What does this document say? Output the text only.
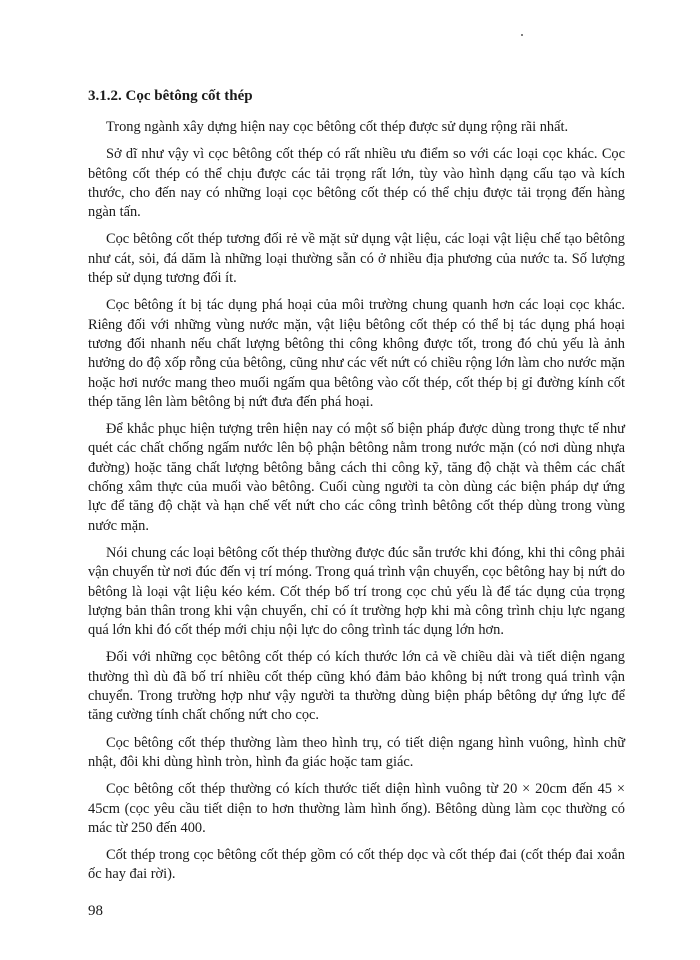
3.1.2. Cọc bêtông cốt thép

Trong ngành xây dựng hiện nay cọc bêtông cốt thép được sử dụng rộng rãi nhất.

Sở dĩ như vậy vì cọc bêtông cốt thép có rất nhiều ưu điểm so với các loại cọc khác. Cọc bêtông cốt thép có thể chịu được các tải trọng rất lớn, tùy vào hình dạng cấu tạo và kích thước, cho đến nay có những loại cọc bêtông cốt thép có thể chịu được tải trọng đến hàng ngàn tấn.

Cọc bêtông cốt thép tương đối rẻ về mặt sử dụng vật liệu, các loại vật liệu chế tạo bêtông như cát, sỏi, đá dăm là những loại thường sẵn có ở nhiều địa phương của nước ta. Số lượng thép sử dụng tương đối ít.

Cọc bêtông ít bị tác dụng phá hoại của môi trường chung quanh hơn các loại cọc khác. Riêng đối với những vùng nước mặn, vật liệu bêtông cốt thép có thể bị tác dụng phá hoại tương đối nhanh nếu chất lượng bêtông thi công không được tốt, trong đó chủ yếu là ảnh hưởng do độ xốp rỗng của bêtông, cũng như các vết nứt có chiều rộng lớn làm cho nước mặn hoặc hơi nước mang theo muối ngấm qua bêtông vào cốt thép, cốt thép bị gỉ đường kính cốt thép tăng lên làm bêtông bị nứt đưa đến phá hoại.

Để khắc phục hiện tượng trên hiện nay có một số biện pháp được dùng trong thực tế như quét các chất chống ngấm nước lên bộ phận bêtông nằm trong nước mặn (có nơi dùng nhựa đường) hoặc tăng chất lượng bêtông bằng cách thi công kỹ, tăng độ chặt và thêm các chất chống xâm thực của muối vào bêtông. Cuối cùng người ta còn dùng các biện pháp dự ứng lực để tăng độ chặt và hạn chế vết nứt cho các công trình bêtông cốt thép dùng trong vùng nước mặn.

Nói chung các loại bêtông cốt thép thường được đúc sẵn trước khi đóng, khi thi công phải vận chuyển từ nơi đúc đến vị trí móng. Trong quá trình vận chuyển, cọc bêtông hay bị nứt do bêtông là loại vật liệu kéo kém. Cốt thép bố trí trong cọc chủ yếu là để tác dụng của trọng lượng bản thân trong khi vận chuyển, chỉ có ít trường hợp khi mà công trình chịu lực ngang quá lớn khi đó cốt thép mới chịu nội lực do công trình tác dụng lớn hơn.

Đối với những cọc bêtông cốt thép có kích thước lớn cả về chiều dài và tiết diện ngang thường thì dù đã bố trí nhiều cốt thép cũng khó đảm bảo không bị nứt trong quá trình vận chuyển. Trong trường hợp như vậy người ta thường dùng biện pháp bêtông dự ứng lực để tăng cường tính chất chống nứt cho cọc.

Cọc bêtông cốt thép thường làm theo hình trụ, có tiết diện ngang hình vuông, hình chữ nhật, đôi khi dùng hình tròn, hình đa giác hoặc tam giác.

Cọc bêtông cốt thép thường có kích thước tiết diện hình vuông từ 20 × 20cm đến 45 × 45cm (cọc yêu cầu tiết diện to hơn thường làm hình ống). Bêtông dùng làm cọc thường có mác từ 250 đến 400.

Cốt thép trong cọc bêtông cốt thép gồm có cốt thép dọc và cốt thép đai (cốt thép đai xoắn ốc hay đai rời).

98
